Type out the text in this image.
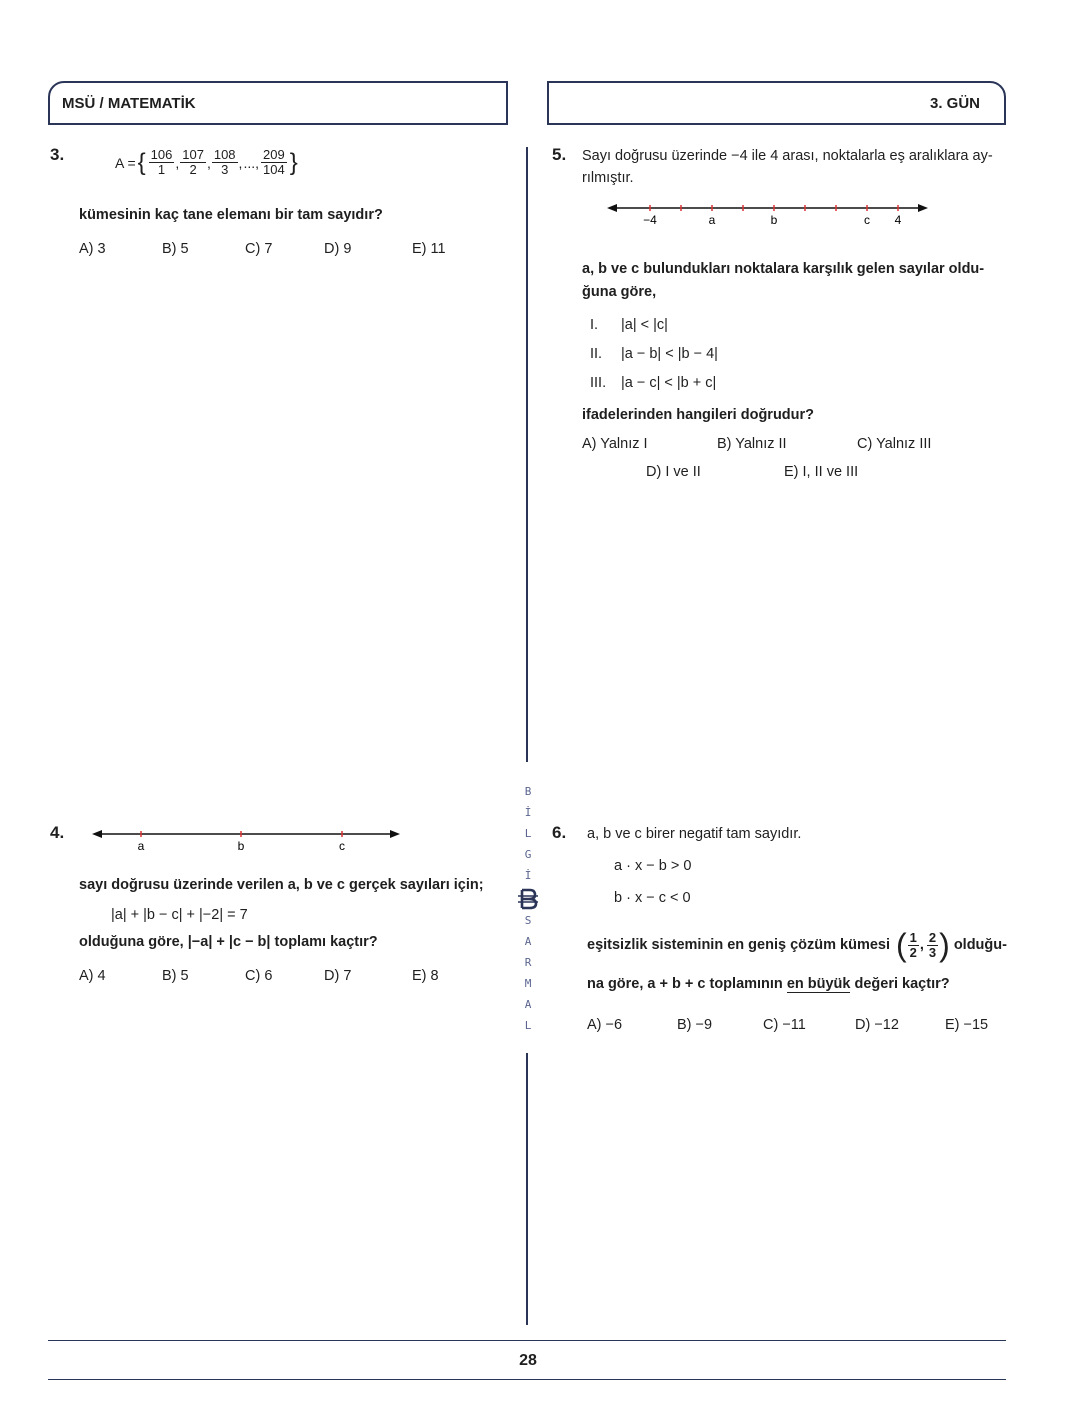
MSÜ / MATEMATİK	3. GÜN
3.	A = { $\frac{106}{1}$ , $\frac{107}{2}$ , $\frac{108}{3}$ , ..., $\frac{209}{104}$ }
kümesinin kaç tane elemanı bir tam sayıdır?
A) 3	B) 5	C) 7	D) 9	E) 11
4.
a	b	c
sayı doğrusu üzerinde verilen a, b ve c gerçek sayıları için;
|a| + |b − c| + |−2| = 7
olduğuna göre, |−a| + |c − b| toplamı kaçtır?
A) 4	B) 5	C) 6	D) 7	E) 8
B
İ
L
G
İ
S
A
R
M
A
L
5. Sayı doğrusu üzerinde −4 ile 4 arası, noktalarla eş aralıklara ay-
rılmıştır.
−4	a	b	c 4
a, b ve c bulundukları noktalara karşılık gelen sayılar oldu-
ğuna göre,
I. |a| < |c|
II. |a − b| < |b − 4|
III. |a − c| < |b + c|
ifadelerinden hangileri doğrudur?
A) Yalnız I	B) Yalnız II	C) Yalnız III
D) I ve II	E) I, II ve III
6. a, b ve c birer negatif tam sayıdır.
a · x − b > 0
b · x − c < 0
eşitsizlik sisteminin en geniş çözüm kümesi ( $\frac{1}{2}$ , $\frac{2}{3}$ ) olduğu-
na göre, a + b + c toplamının en büyük değeri kaçtır?
A) −6	B) −9	C) −11	D) −12	E) −15
28
